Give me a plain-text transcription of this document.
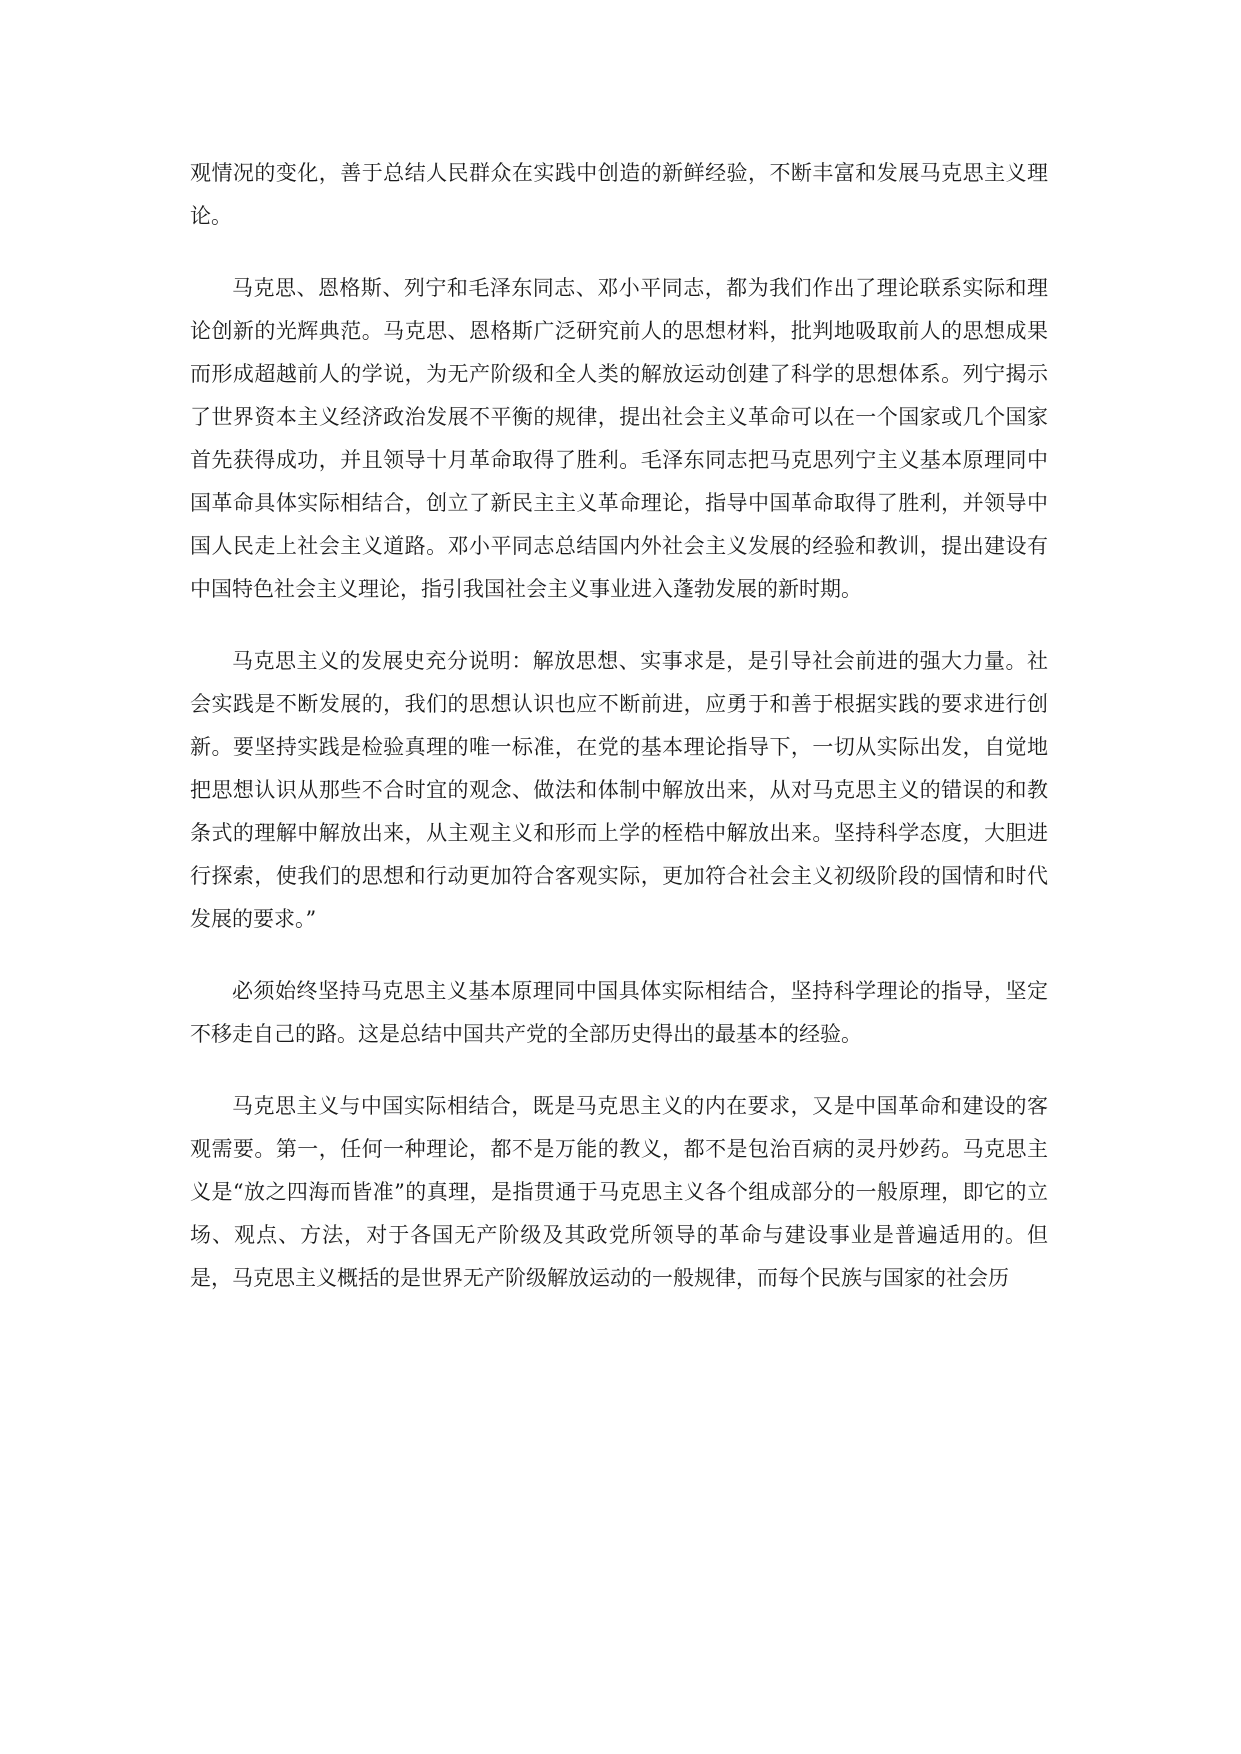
观情况的变化，善于总结人民群众在实践中创造的新鲜经验，不断丰富和发展马克思主义理论。

马克思、恩格斯、列宁和毛泽东同志、邓小平同志，都为我们作出了理论联系实际和理论创新的光辉典范。马克思、恩格斯广泛研究前人的思想材料，批判地吸取前人的思想成果而形成超越前人的学说，为无产阶级和全人类的解放运动创建了科学的思想体系。列宁揭示了世界资本主义经济政治发展不平衡的规律，提出社会主义革命可以在一个国家或几个国家首先获得成功，并且领导十月革命取得了胜利。毛泽东同志把马克思列宁主义基本原理同中国革命具体实际相结合，创立了新民主主义革命理论，指导中国革命取得了胜利，并领导中国人民走上社会主义道路。邓小平同志总结国内外社会主义发展的经验和教训，提出建设有中国特色社会主义理论，指引我国社会主义事业进入蓬勃发展的新时期。

马克思主义的发展史充分说明：解放思想、实事求是，是引导社会前进的强大力量。社会实践是不断发展的，我们的思想认识也应不断前进，应勇于和善于根据实践的要求进行创新。要坚持实践是检验真理的唯一标准，在党的基本理论指导下，一切从实际出发，自觉地把思想认识从那些不合时宜的观念、做法和体制中解放出来，从对马克思主义的错误的和教条式的理解中解放出来，从主观主义和形而上学的桎梏中解放出来。坚持科学态度，大胆进行探索，使我们的思想和行动更加符合客观实际，更加符合社会主义初级阶段的国情和时代发展的要求。”

必须始终坚持马克思主义基本原理同中国具体实际相结合，坚持科学理论的指导，坚定不移走自己的路。这是总结中国共产党的全部历史得出的最基本的经验。

马克思主义与中国实际相结合，既是马克思主义的内在要求，又是中国革命和建设的客观需要。第一，任何一种理论，都不是万能的教义，都不是包治百病的灵丹妙药。马克思主义是“放之四海而皆准”的真理，是指贯通于马克思主义各个组成部分的一般原理，即它的立场、观点、方法，对于各国无产阶级及其政党所领导的革命与建设事业是普遍适用的。但是，马克思主义概括的是世界无产阶级解放运动的一般规律，而每个民族与国家的社会历
